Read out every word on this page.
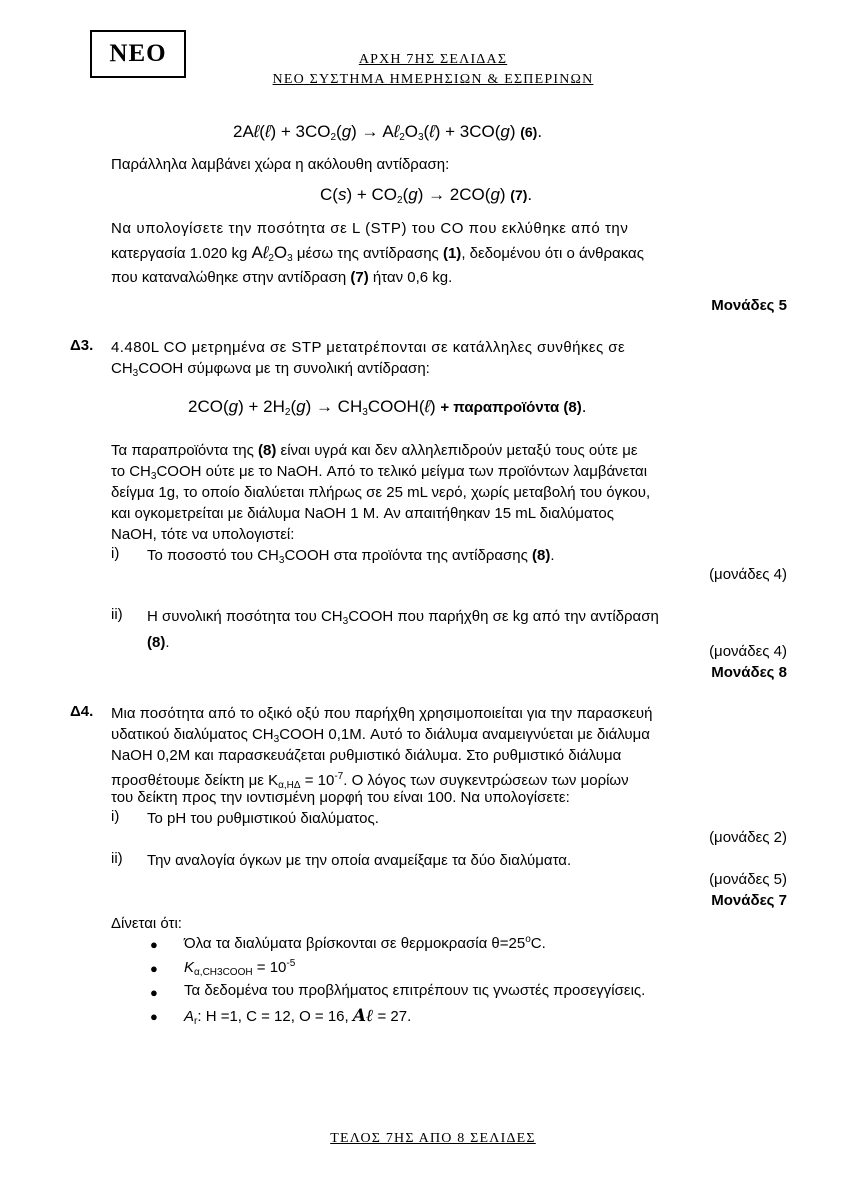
ΝΕΟ	ΑΡΧΗ 7ΗΣ ΣΕΛΙΔΑΣ
ΝΕΟ ΣΥΣΤΗΜΑ ΗΜΕΡΗΣΙΩΝ & ΕΣΠΕΡΙΝΩΝ
2Aℓ(ℓ) + $3CO_2(g)$ → $A\ell_2O_3(\ell) + 3CO(g)$ (6).
Παράλληλα λαμβάνει χώρα η ακόλουθη αντίδραση:
$C(s) + CO_2(g) \to 2CO(g)$ (7).
Να υπολογίσετε την ποσότητα σε L (STP) του CO που εκλύθηκε από την
κατεργασία 1.020 kg $A\ell_2O_3$ μέσω της αντίδρασης (1), δεδομένου ότι ο άνθρακας
που καταναλώθηκε στην αντίδραση (7) ήταν 0,6 kg.
Μονάδες 5
Δ3. 4.480L CO μετρημένα σε STP μετατρέπονται σε κατάλληλες συνθήκες σε
$CH_3COOH$ σύμφωνα με τη συνολική αντίδραση:
$2CO(g) + 2H_2(g)$ → $CH_3COOH(\ell) + \pi\alpha\rho\alpha\pi\rho oϊό\nu\tau\alpha$ (8).
Τα παραπροϊόντα της (8) είναι υγρά και δεν αλληλεπιδρούν μεταξύ τους ούτε με
το $CH_3COOH$ ούτε με το NaOH. Από το τελικό μείγμα των προϊόντων λαμβάνεται
δείγμα 1g, το οποίο διαλύεται πλήρως σε 25 mL νερό, χωρίς μεταβολή του όγκου,
και ογκομετρείται με διάλυμα NaOH 1 M. Αν απαιτήθηκαν 15 mL διαλύματος
NaOH, τότε να υπολογιστεί:
i) Το ποσοστό του $CH_3COOH$ στα προϊόντα της αντίδρασης (8).
(μονάδες 4)
ii) Η συνολική ποσότητα του $CH_3COOH$ που παρήχθη σε kg από την αντίδραση
(8).
(μονάδες 4)
Μονάδες 8
Δ4. Μια ποσότητα από το οξικό οξύ που παρήχθη χρησιμοποιείται για την παρασκευή
υδατικού διαλύματος $CH_3COOH$ 0,1M. Αυτό το διάλυμα αναμειγνύεται με διάλυμα
NaOH 0,2M και παρασκευάζεται ρυθμιστικό διάλυμα. Στο ρυθμιστικό διάλυμα
προσθέτουμε δείκτη με $K_{\alpha,H\Delta} = 10^{-7}$. Ο λόγος των συγκεντρώσεων των μορίων
του δείκτη προς την ιοντισμένη μορφή του είναι 100. Να υπολογίσετε:
i) Το pH του ρυθμιστικού διαλύματος.
(μονάδες 2)
ii) Την αναλογία όγκων με την οποία αναμείξαμε τα δύο διαλύματα.
(μονάδες 5)
Μονάδες 7
Δίνεται ότι:
● Όλα τα διαλύματα βρίσκονται σε θερμοκρασία $\theta=25^oC$.
● $K_{\alpha,CH3COOH} = 10^{-5}$
● Τα δεδομένα του προβλήματος επιτρέπουν τις γνωστές προσεγγίσεις.
● $A_r$: H =1, C = 12, O = 16, Aℓ = 27.
ΤΕΛΟΣ 7ΗΣ ΑΠΟ 8 ΣΕΛΙΔΕΣ
